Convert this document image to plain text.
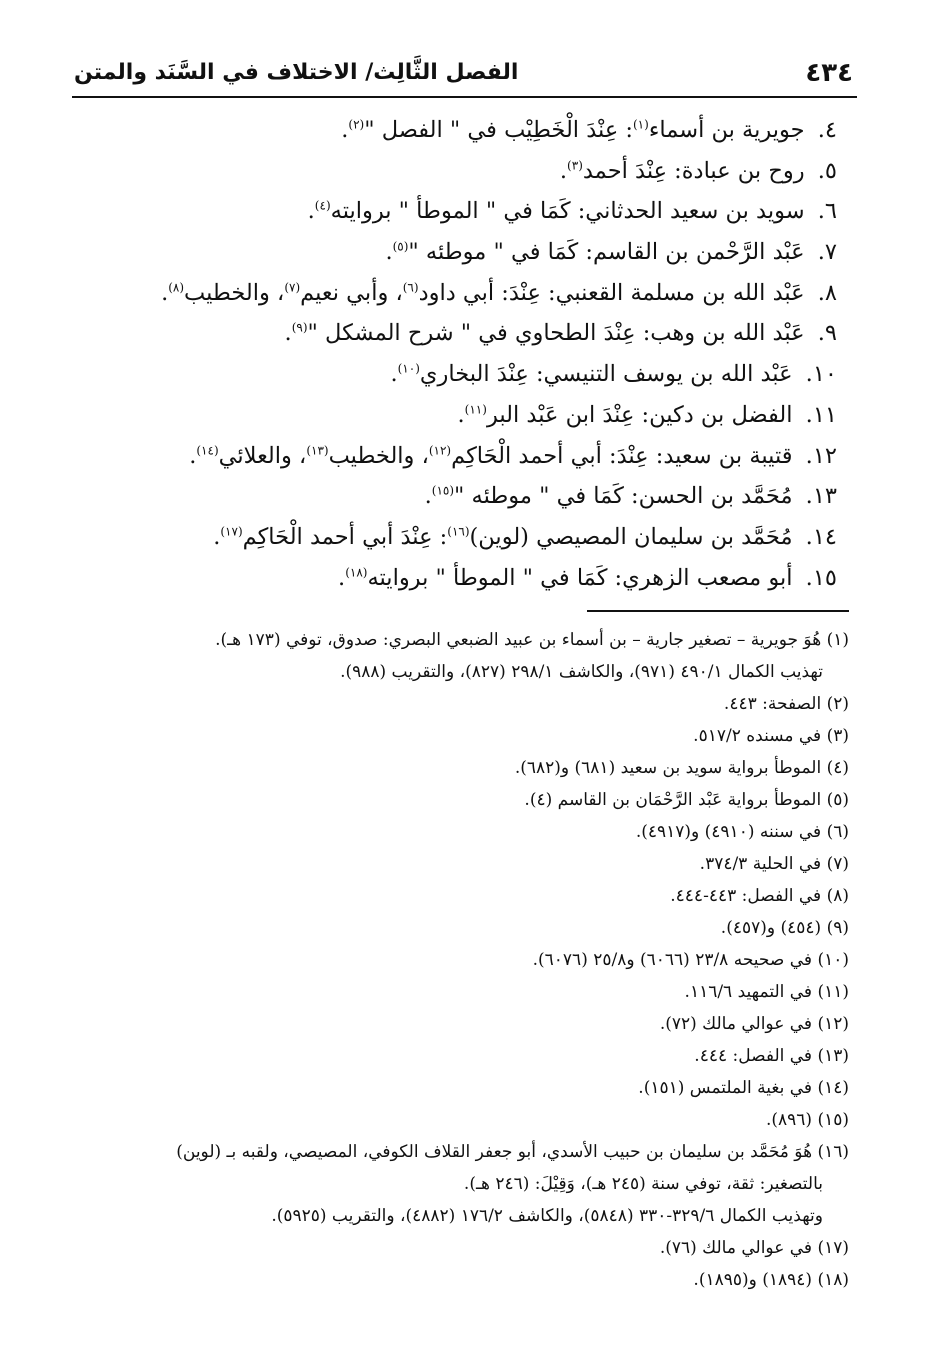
٤٣٤
الفصل الثَّالِث/ الاختلاف في السَّنَد والمتن
٤. جويرية بن أسماء$^{(١)}$: عِنْدَ الْخَطِيْب في " الفصل "$^{(٢)}$.
٥. روح بن عبادة: عِنْدَ أحمد$^{(٣)}$.
٦. سويد بن سعيد الحدثاني: كَمَا في " الموطأ " بروايته$^{(٤)}$.
٧. عَبْد الرَّحْمن بن القاسم: كَمَا في " موطئه "$^{(٥)}$.
٨. عَبْد الله بن مسلمة القعنبي: عِنْدَ: أبي داود$^{(٦)}$، وأبي نعيم$^{(٧)}$، والخطيب$^{(٨)}$.
٩. عَبْد الله بن وهب: عِنْدَ الطحاوي في " شرح المشكل "$^{(٩)}$.
١٠. عَبْد الله بن يوسف التنيسي: عِنْدَ البخاري$^{(١٠)}$.
١١. الفضل بن دكين: عِنْدَ ابن عَبْد البر$^{(١١)}$.
١٢. قتيبة بن سعيد: عِنْدَ: أبي أحمد الْحَاكِم$^{(١٢)}$، والخطيب$^{(١٣)}$، والعلائي$^{(١٤)}$.
١٣. مُحَمَّد بن الحسن: كَمَا في " موطئه "$^{(١٥)}$.
١٤. مُحَمَّد بن سليمان المصيصي (لوين)$^{(١٦)}$: عِنْدَ أبي أحمد الْحَاكِم$^{(١٧)}$.
١٥. أبو مصعب الزهري: كَمَا في " الموطأ " بروايته$^{(١٨)}$.
(١) هُوَ جويرية – تصغير جارية – بن أسماء بن عبيد الضبعي البصري: صدوق، توفي (١٧٣ هـ).
تهذيب الكمال ٤٩٠/١ (٩٧١)، والكاشف ٢٩٨/١ (٨٢٧)، والتقريب (٩٨٨).
(٢) الصفحة: ٤٤٣.
(٣) في مسنده ٥١٧/٢.
(٤) الموطأ برواية سويد بن سعيد (٦٨١) و(٦٨٢).
(٥) الموطأ برواية عَبْد الرَّحْمَان بن القاسم (٤).
(٦) في سننه (٤٩١٠) و(٤٩١٧).
(٧) في الحلية ٣٧٤/٣.
(٨) في الفصل: ٤٤٣-٤٤٤.
(٩) (٤٥٤) و(٤٥٧).
(١٠) في صحيحه ٢٣/٨ (٦٠٦٦) و٢٥/٨ (٦٠٧٦).
(١١) في التمهيد ١١٦/٦.
(١٢) في عوالي مالك (٧٢).
(١٣) في الفصل: ٤٤٤.
(١٤) في بغية الملتمس (١٥١).
(١٥) (٨٩٦).
(١٦) هُوَ مُحَمَّد بن سليمان بن حبيب الأسدي، أبو جعفر القلاف الكوفي، المصيصي، ولقبه بـ (لوين)
بالتصغير: ثقة، توفي سنة (٢٤٥ هـ)، وَقِيْلَ: (٢٤٦ هـ).
وتهذيب الكمال ٣٢٩/٦-٣٣٠ (٥٨٤٨)، والكاشف ١٧٦/٢ (٤٨٨٢)، والتقريب (٥٩٢٥).
(١٧) في عوالي مالك (٧٦).
(١٨) (١٨٩٤) و(١٨٩٥).
